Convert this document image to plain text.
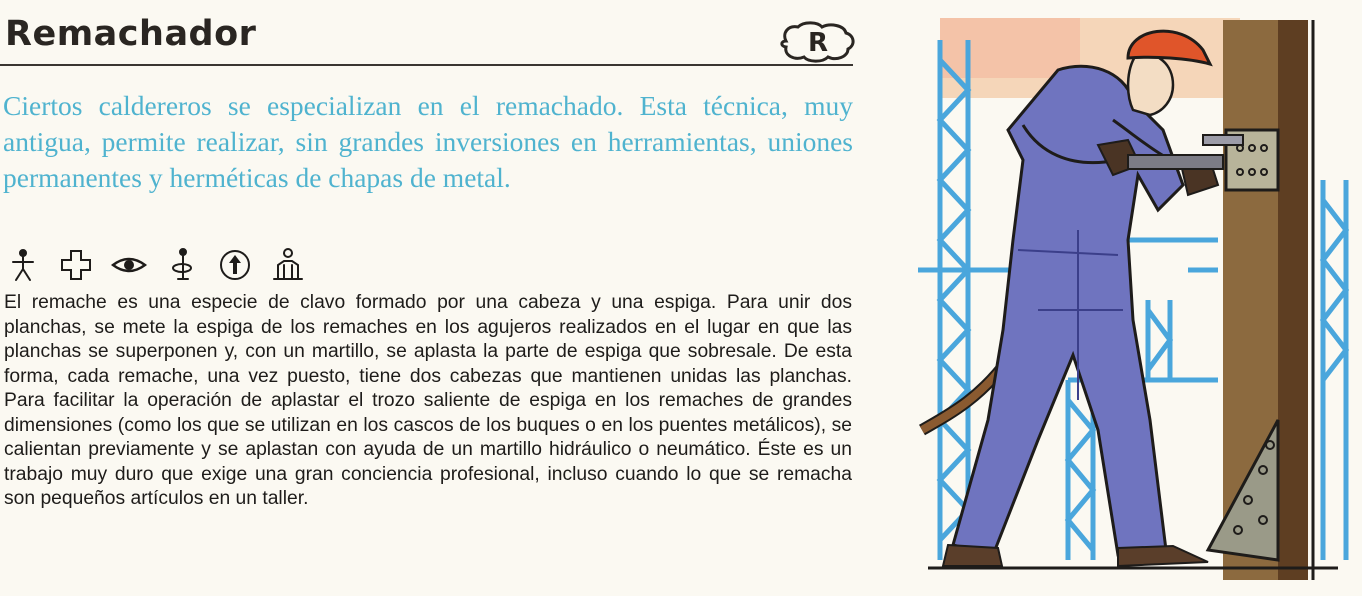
Remachador	R
Ciertos caldereros se especializan en el remachado. Esta técnica, muy antigua, permite realizar, sin grandes inversiones en herramientas, uniones permanentes y herméticas de chapas de metal.
El remache es una especie de clavo formado por una cabeza y una espiga. Para unir dos planchas, se mete la espiga de los remaches en los agujeros realizados en el lugar en que las planchas se superponen y, con un martillo, se aplasta la parte de espiga que sobresale. De esta forma, cada remache, una vez puesto, tiene dos cabezas que mantienen unidas las planchas. Para facilitar la operación de aplastar el trozo saliente de espiga en los remaches de grandes dimensiones (como los que se utilizan en los cascos de los buques o en los puentes metálicos), se calientan previamente y se aplastan con ayuda de un martillo hidráulico o neumático. Éste es un trabajo muy duro que exige una gran conciencia profesional, incluso cuando lo que se remacha son pequeños artículos en un taller.
